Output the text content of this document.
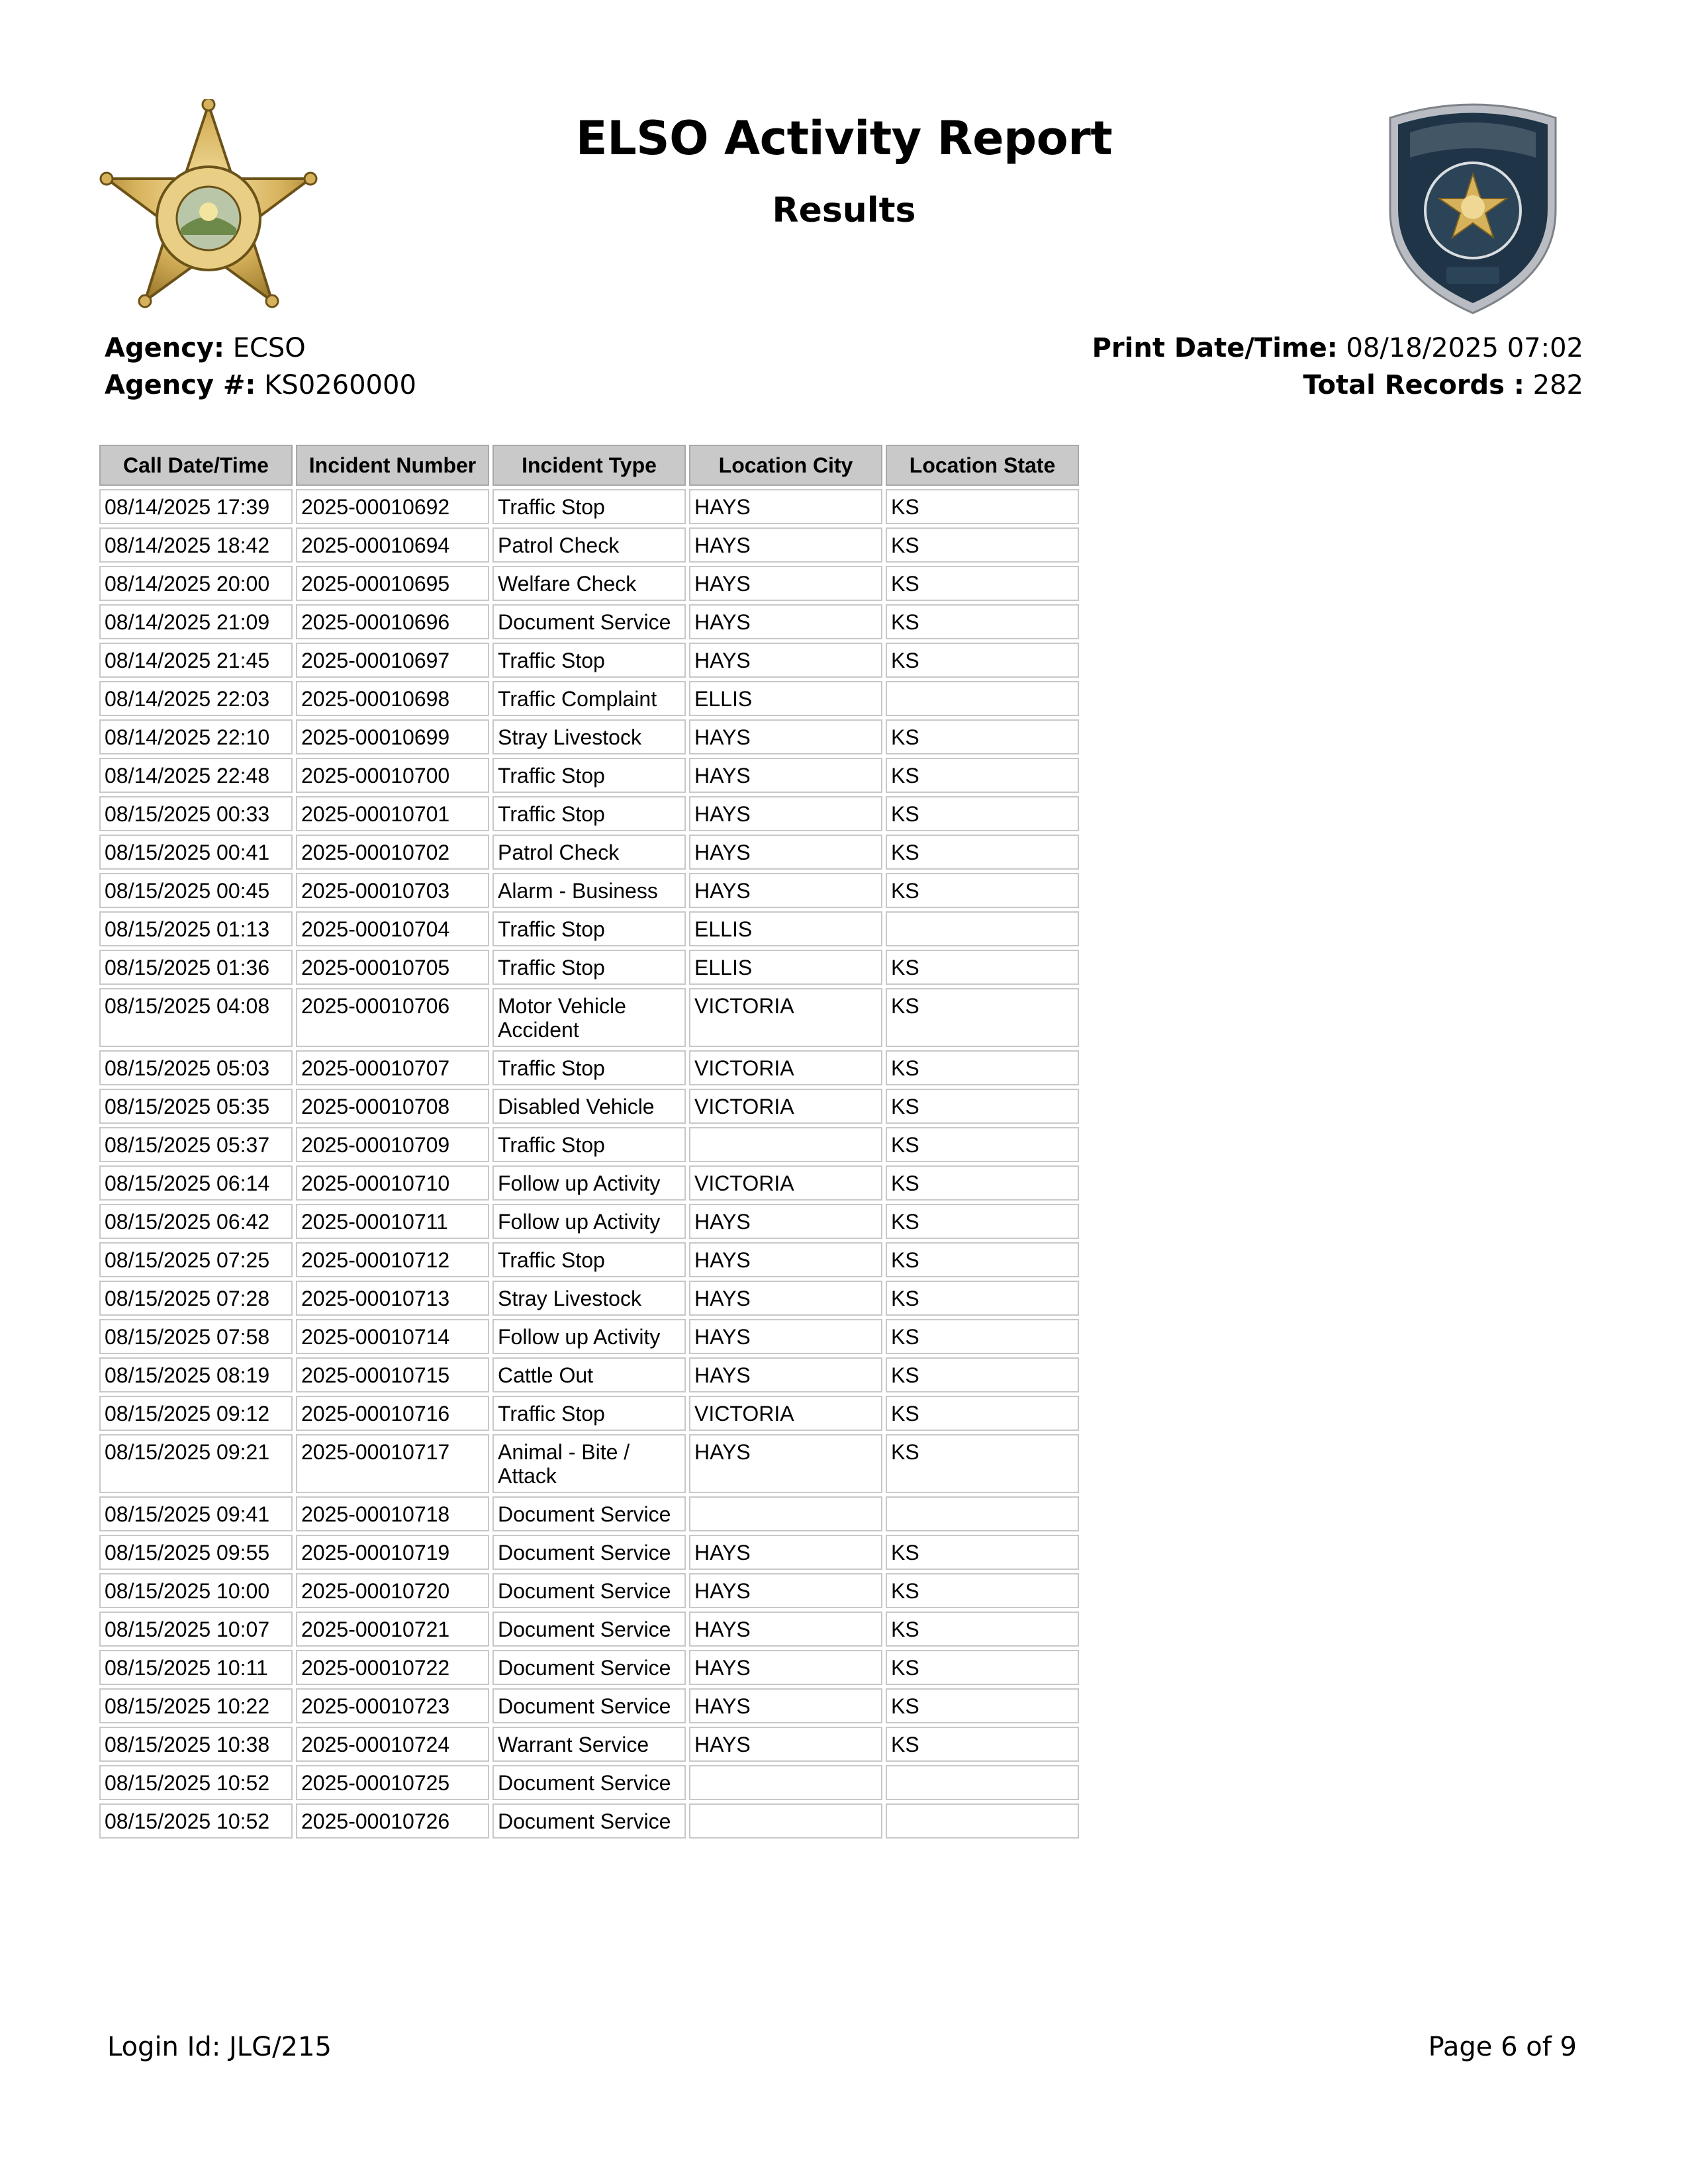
ELSO Activity Report
Results
Agency: ECSO
Agency #: KS0260000
Print Date/Time: 08/18/2025 07:02
Total Records : 282
Call Date/Time	Incident Number	Incident Type	Location City	Location State
08/14/2025 17:39	2025-00010692	Traffic Stop	HAYS	KS
08/14/2025 18:42	2025-00010694	Patrol Check	HAYS	KS
08/14/2025 20:00	2025-00010695	Welfare Check	HAYS	KS
08/14/2025 21:09	2025-00010696	Document Service	HAYS	KS
08/14/2025 21:45	2025-00010697	Traffic Stop	HAYS	KS
08/14/2025 22:03	2025-00010698	Traffic Complaint	ELLIS	
08/14/2025 22:10	2025-00010699	Stray Livestock	HAYS	KS
08/14/2025 22:48	2025-00010700	Traffic Stop	HAYS	KS
08/15/2025 00:33	2025-00010701	Traffic Stop	HAYS	KS
08/15/2025 00:41	2025-00010702	Patrol Check	HAYS	KS
08/15/2025 00:45	2025-00010703	Alarm - Business	HAYS	KS
08/15/2025 01:13	2025-00010704	Traffic Stop	ELLIS	
08/15/2025 01:36	2025-00010705	Traffic Stop	ELLIS	KS
08/15/2025 04:08	2025-00010706	Motor Vehicle Accident	VICTORIA	KS
08/15/2025 05:03	2025-00010707	Traffic Stop	VICTORIA	KS
08/15/2025 05:35	2025-00010708	Disabled Vehicle	VICTORIA	KS
08/15/2025 05:37	2025-00010709	Traffic Stop		KS
08/15/2025 06:14	2025-00010710	Follow up Activity	VICTORIA	KS
08/15/2025 06:42	2025-00010711	Follow up Activity	HAYS	KS
08/15/2025 07:25	2025-00010712	Traffic Stop	HAYS	KS
08/15/2025 07:28	2025-00010713	Stray Livestock	HAYS	KS
08/15/2025 07:58	2025-00010714	Follow up Activity	HAYS	KS
08/15/2025 08:19	2025-00010715	Cattle Out	HAYS	KS
08/15/2025 09:12	2025-00010716	Traffic Stop	VICTORIA	KS
08/15/2025 09:21	2025-00010717	Animal - Bite / Attack	HAYS	KS
08/15/2025 09:41	2025-00010718	Document Service		
08/15/2025 09:55	2025-00010719	Document Service	HAYS	KS
08/15/2025 10:00	2025-00010720	Document Service	HAYS	KS
08/15/2025 10:07	2025-00010721	Document Service	HAYS	KS
08/15/2025 10:11	2025-00010722	Document Service	HAYS	KS
08/15/2025 10:22	2025-00010723	Document Service	HAYS	KS
08/15/2025 10:38	2025-00010724	Warrant Service	HAYS	KS
08/15/2025 10:52	2025-00010725	Document Service		
08/15/2025 10:52	2025-00010726	Document Service		
Login Id: JLG/215	Page 6 of 9
